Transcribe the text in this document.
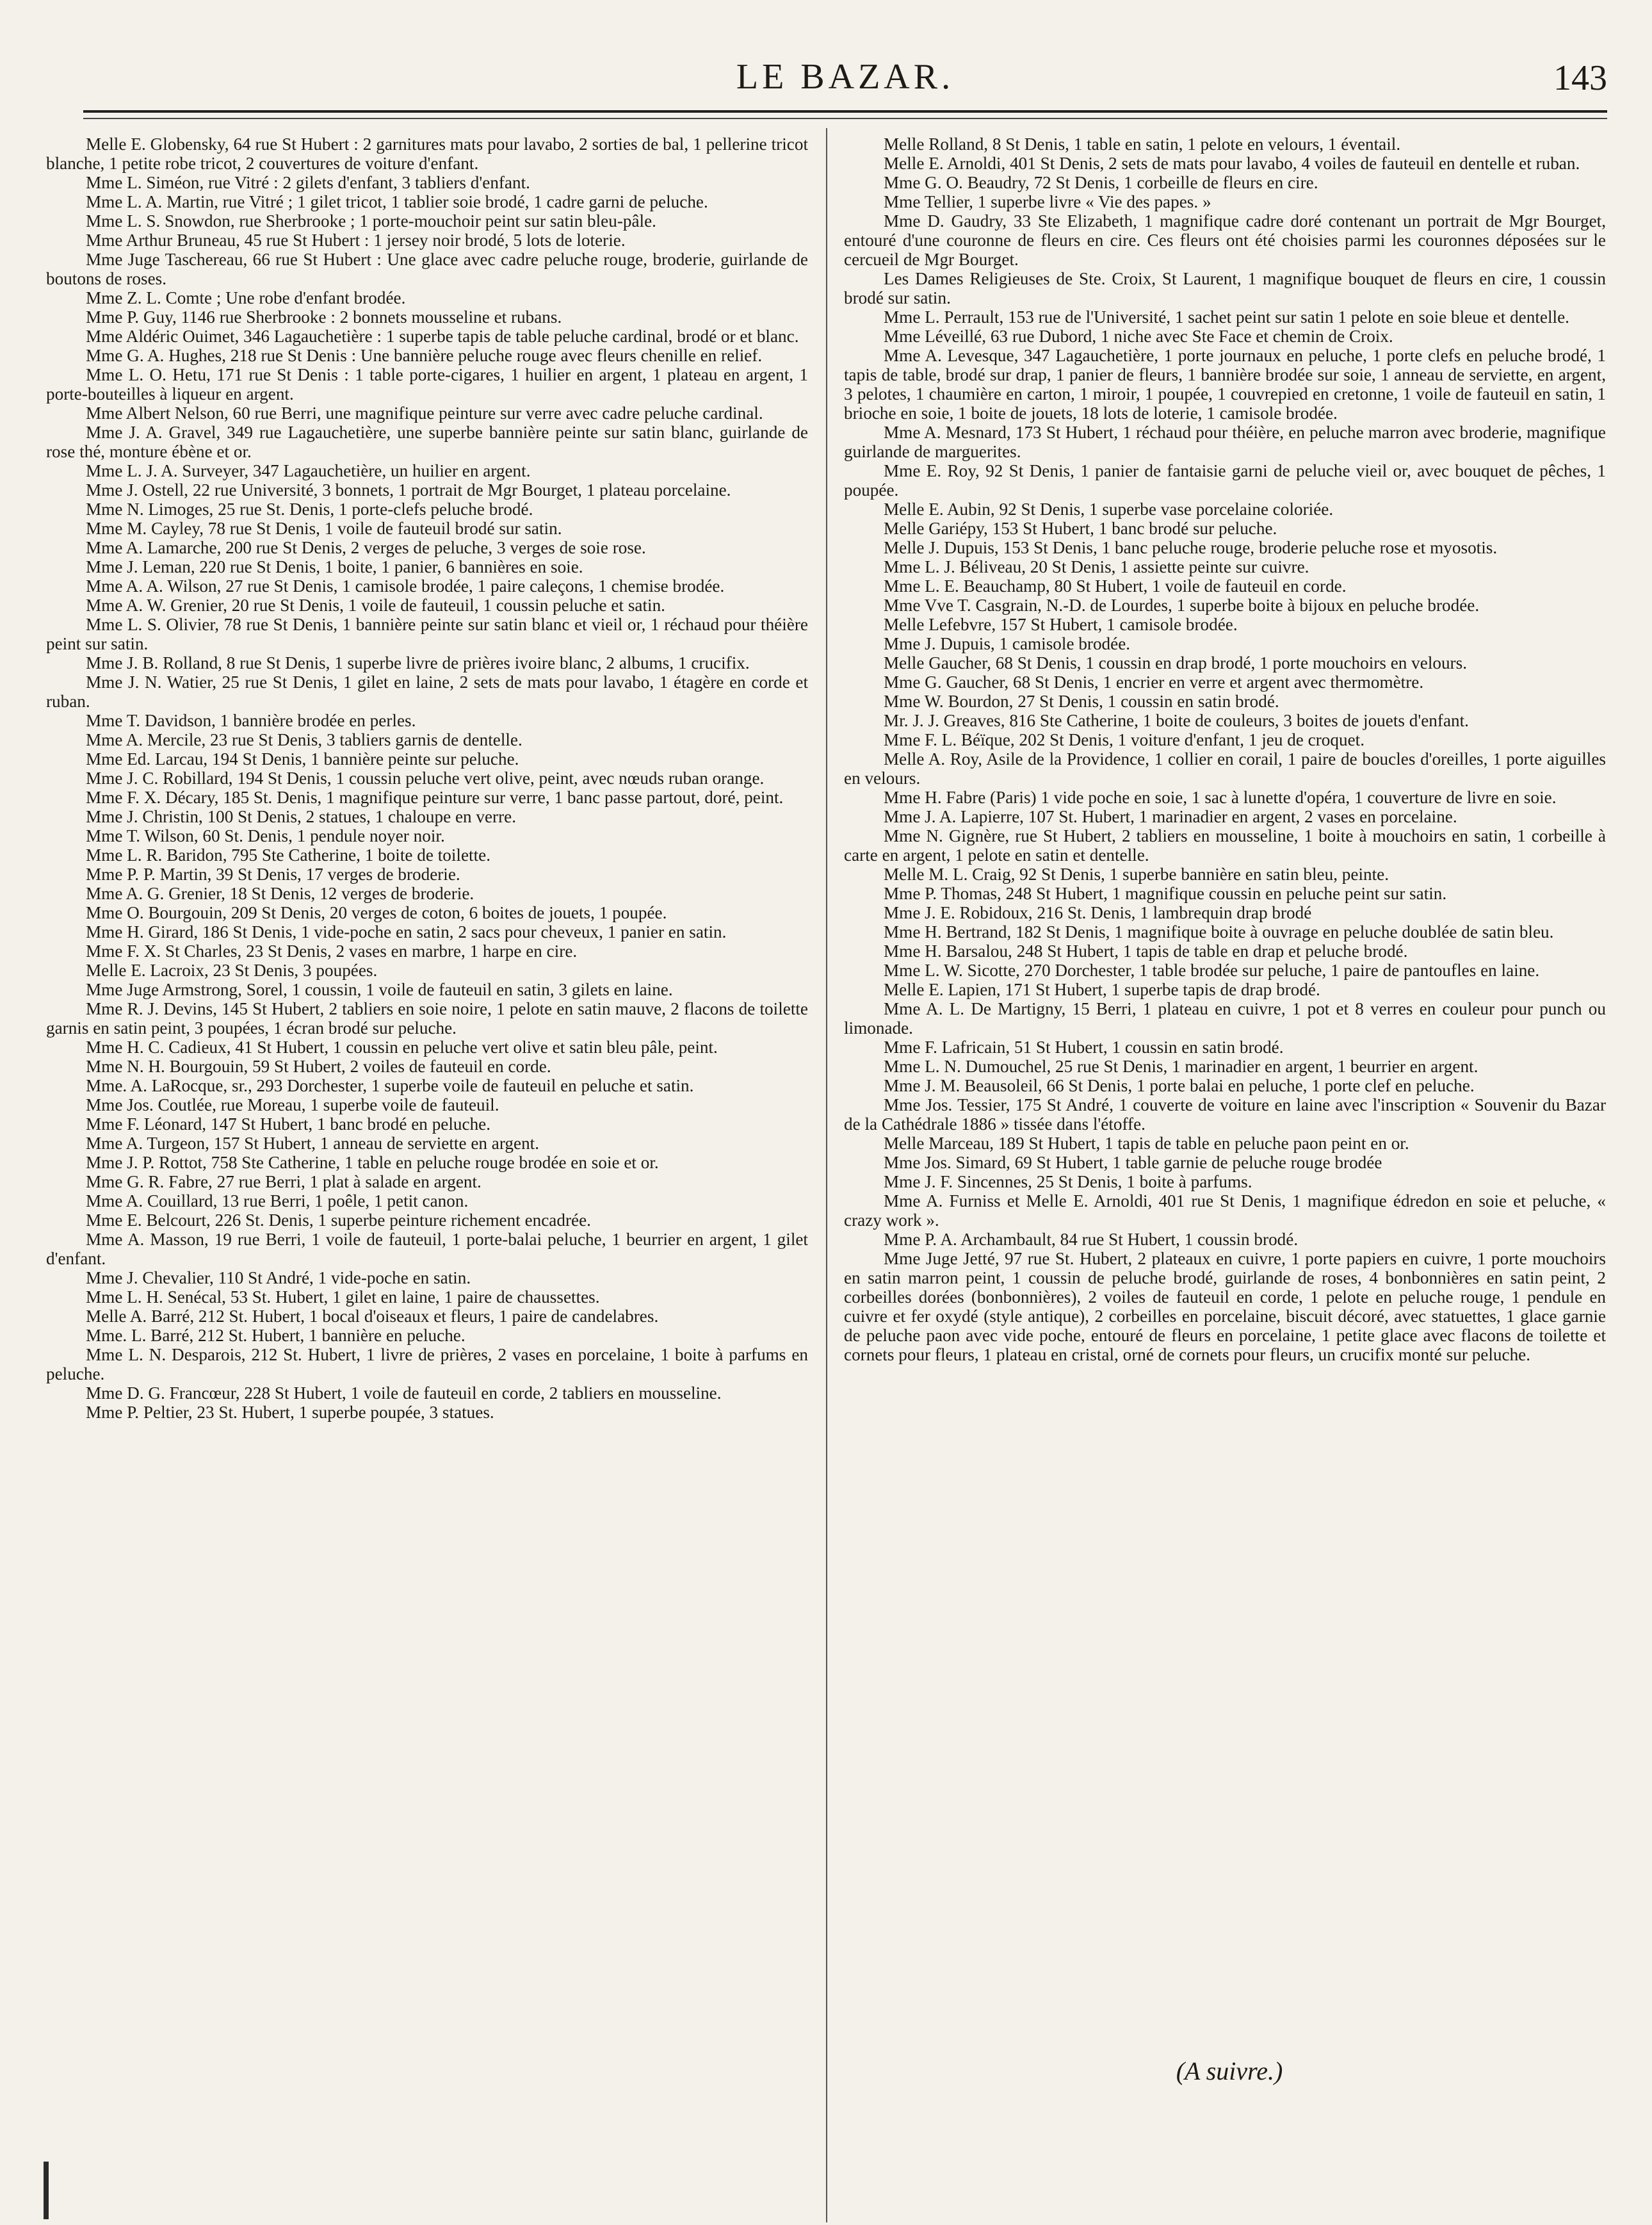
LE BAZAR.	143

Melle E. Globensky, 64 rue St Hubert : 2 garnitures mats pour lavabo, 2 sorties de bal, 1 pellerine tricot blanche, 1 petite robe tricot, 2 couvertures de voiture d'enfant.

Mme L. Siméon, rue Vitré : 2 gilets d'enfant, 3 tabliers d'enfant.

Mme L. A. Martin, rue Vitré ; 1 gilet tricot, 1 tablier soie brodé, 1 cadre garni de peluche.

Mme L. S. Snowdon, rue Sherbrooke ; 1 porte-mouchoir peint sur satin bleu-pâle.

Mme Arthur Bruneau, 45 rue St Hubert : 1 jersey noir brodé, 5 lots de loterie.

Mme Juge Taschereau, 66 rue St Hubert : Une glace avec cadre peluche rouge, broderie, guirlande de boutons de roses.

Mme Z. L. Comte ; Une robe d'enfant brodée.

Mme P. Guy, 1146 rue Sherbrooke : 2 bonnets mousseline et rubans.

Mme Aldéric Ouimet, 346 Lagauchetière : 1 superbe tapis de table peluche cardinal, brodé or et blanc.

Mme G. A. Hughes, 218 rue St Denis : Une bannière peluche rouge avec fleurs chenille en relief.

Mme L. O. Hetu, 171 rue St Denis : 1 table porte-cigares, 1 huilier en argent, 1 plateau en argent, 1 porte-bouteilles à liqueur en argent.

Mme Albert Nelson, 60 rue Berri, une magnifique peinture sur verre avec cadre peluche cardinal.

Mme J. A. Gravel, 349 rue Lagauchetière, une superbe bannière peinte sur satin blanc, guirlande de rose thé, monture ébène et or.

Mme L. J. A. Surveyer, 347 Lagauchetière, un huilier en argent.

Mme J. Ostell, 22 rue Université, 3 bonnets, 1 portrait de Mgr Bourget, 1 plateau porcelaine.

Mme N. Limoges, 25 rue St. Denis, 1 porte-clefs peluche brodé.

Mme M. Cayley, 78 rue St Denis, 1 voile de fauteuil brodé sur satin.

Mme A. Lamarche, 200 rue St Denis, 2 verges de peluche, 3 verges de soie rose.

Mme J. Leman, 220 rue St Denis, 1 boite, 1 panier, 6 bannières en soie.

Mme A. A. Wilson, 27 rue St Denis, 1 camisole brodée, 1 paire caleçons, 1 chemise brodée.

Mme A. W. Grenier, 20 rue St Denis, 1 voile de fauteuil, 1 coussin peluche et satin.

Mme L. S. Olivier, 78 rue St Denis, 1 bannière peinte sur satin blanc et vieil or, 1 réchaud pour théière peint sur satin.

Mme J. B. Rolland, 8 rue St Denis, 1 superbe livre de prières ivoire blanc, 2 albums, 1 crucifix.

Mme J. N. Watier, 25 rue St Denis, 1 gilet en laine, 2 sets de mats pour lavabo, 1 étagère en corde et ruban.

Mme T. Davidson, 1 bannière brodée en perles.

Mme A. Mercile, 23 rue St Denis, 3 tabliers garnis de dentelle.

Mme Ed. Larcau, 194 St Denis, 1 bannière peinte sur peluche.

Mme J. C. Robillard, 194 St Denis, 1 coussin peluche vert olive, peint, avec nœuds ruban orange.

Mme F. X. Décary, 185 St. Denis, 1 magnifique peinture sur verre, 1 banc passe partout, doré, peint.

Mme J. Christin, 100 St Denis, 2 statues, 1 chaloupe en verre.

Mme T. Wilson, 60 St. Denis, 1 pendule noyer noir.

Mme L. R. Baridon, 795 Ste Catherine, 1 boite de toilette.

Mme P. P. Martin, 39 St Denis, 17 verges de broderie.

Mme A. G. Grenier, 18 St Denis, 12 verges de broderie.

Mme O. Bourgouin, 209 St Denis, 20 verges de coton, 6 boites de jouets, 1 poupée.

Mme H. Girard, 186 St Denis, 1 vide-poche en satin, 2 sacs pour cheveux, 1 panier en satin.

Mme F. X. St Charles, 23 St Denis, 2 vases en marbre, 1 harpe en cire.

Melle E. Lacroix, 23 St Denis, 3 poupées.

Mme Juge Armstrong, Sorel, 1 coussin, 1 voile de fauteuil en satin, 3 gilets en laine.

Mme R. J. Devins, 145 St Hubert, 2 tabliers en soie noire, 1 pelote en satin mauve, 2 flacons de toilette garnis en satin peint, 3 poupées, 1 écran brodé sur peluche.

Mme H. C. Cadieux, 41 St Hubert, 1 coussin en peluche vert olive et satin bleu pâle, peint.

Mme N. H. Bourgouin, 59 St Hubert, 2 voiles de fauteuil en corde.

Mme. A. LaRocque, sr., 293 Dorchester, 1 superbe voile de fauteuil en peluche et satin.

Mme Jos. Coutlée, rue Moreau, 1 superbe voile de fauteuil.

Mme F. Léonard, 147 St Hubert, 1 banc brodé en peluche.

Mme A. Turgeon, 157 St Hubert, 1 anneau de serviette en argent.

Mme J. P. Rottot, 758 Ste Catherine, 1 table en peluche rouge brodée en soie et or.

Mme G. R. Fabre, 27 rue Berri, 1 plat à salade en argent.

Mme A. Couillard, 13 rue Berri, 1 poêle, 1 petit canon.

Mme E. Belcourt, 226 St. Denis, 1 superbe peinture richement encadrée.

Mme A. Masson, 19 rue Berri, 1 voile de fauteuil, 1 porte-balai peluche, 1 beurrier en argent, 1 gilet d'enfant.

Mme J. Chevalier, 110 St André, 1 vide-poche en satin.

Mme L. H. Senécal, 53 St. Hubert, 1 gilet en laine, 1 paire de chaussettes.

Melle A. Barré, 212 St. Hubert, 1 bocal d'oiseaux et fleurs, 1 paire de candelabres.

Mme. L. Barré, 212 St. Hubert, 1 bannière en peluche.

Mme L. N. Desparois, 212 St. Hubert, 1 livre de prières, 2 vases en porcelaine, 1 boite à parfums en peluche.

Mme D. G. Francœur, 228 St Hubert, 1 voile de fauteuil en corde, 2 tabliers en mousseline.

Mme P. Peltier, 23 St. Hubert, 1 superbe poupée, 3 statues.

Melle Rolland, 8 St Denis, 1 table en satin, 1 pelote en velours, 1 éventail.

Melle E. Arnoldi, 401 St Denis, 2 sets de mats pour lavabo, 4 voiles de fauteuil en dentelle et ruban.

Mme G. O. Beaudry, 72 St Denis, 1 corbeille de fleurs en cire.

Mme Tellier, 1 superbe livre « Vie des papes. »

Mme D. Gaudry, 33 Ste Elizabeth, 1 magnifique cadre doré contenant un portrait de Mgr Bourget, entouré d'une couronne de fleurs en cire. Ces fleurs ont été choisies parmi les couronnes déposées sur le cercueil de Mgr Bourget.

Les Dames Religieuses de Ste. Croix, St Laurent, 1 magnifique bouquet de fleurs en cire, 1 coussin brodé sur satin.

Mme L. Perrault, 153 rue de l'Université, 1 sachet peint sur satin 1 pelote en soie bleue et dentelle.

Mme Léveillé, 63 rue Dubord, 1 niche avec Ste Face et chemin de Croix.

Mme A. Levesque, 347 Lagauchetière, 1 porte journaux en peluche, 1 porte clefs en peluche brodé, 1 tapis de table, brodé sur drap, 1 panier de fleurs, 1 bannière brodée sur soie, 1 anneau de serviette, en argent, 3 pelotes, 1 chaumière en carton, 1 miroir, 1 poupée, 1 couvrepied en cretonne, 1 voile de fauteuil en satin, 1 brioche en soie, 1 boite de jouets, 18 lots de loterie, 1 camisole brodée.

Mme A. Mesnard, 173 St Hubert, 1 réchaud pour théière, en peluche marron avec broderie, magnifique guirlande de marguerites.

Mme E. Roy, 92 St Denis, 1 panier de fantaisie garni de peluche vieil or, avec bouquet de pêches, 1 poupée.

Melle E. Aubin, 92 St Denis, 1 superbe vase porcelaine coloriée.

Melle Gariépy, 153 St Hubert, 1 banc brodé sur peluche.

Melle J. Dupuis, 153 St Denis, 1 banc peluche rouge, broderie peluche rose et myosotis.

Mme L. J. Béliveau, 20 St Denis, 1 assiette peinte sur cuivre.

Mme L. E. Beauchamp, 80 St Hubert, 1 voile de fauteuil en corde.

Mme Vve T. Casgrain, N.-D. de Lourdes, 1 superbe boite à bijoux en peluche brodée.

Melle Lefebvre, 157 St Hubert, 1 camisole brodée.

Mme J. Dupuis, 1 camisole brodée.

Melle Gaucher, 68 St Denis, 1 coussin en drap brodé, 1 porte mouchoirs en velours.

Mme G. Gaucher, 68 St Denis, 1 encrier en verre et argent avec thermomètre.

Mme W. Bourdon, 27 St Denis, 1 coussin en satin brodé.

Mr. J. J. Greaves, 816 Ste Catherine, 1 boite de couleurs, 3 boites de jouets d'enfant.

Mme F. L. Béïque, 202 St Denis, 1 voiture d'enfant, 1 jeu de croquet.

Melle A. Roy, Asile de la Providence, 1 collier en corail, 1 paire de boucles d'oreilles, 1 porte aiguilles en velours.

Mme H. Fabre (Paris) 1 vide poche en soie, 1 sac à lunette d'opéra, 1 couverture de livre en soie.

Mme J. A. Lapierre, 107 St. Hubert, 1 marinadier en argent, 2 vases en porcelaine.

Mme N. Gignère, rue St Hubert, 2 tabliers en mousseline, 1 boite à mouchoirs en satin, 1 corbeille à carte en argent, 1 pelote en satin et dentelle.

Melle M. L. Craig, 92 St Denis, 1 superbe bannière en satin bleu, peinte.

Mme P. Thomas, 248 St Hubert, 1 magnifique coussin en peluche peint sur satin.

Mme J. E. Robidoux, 216 St. Denis, 1 lambrequin drap brodé

Mme H. Bertrand, 182 St Denis, 1 magnifique boite à ouvrage en peluche doublée de satin bleu.

Mme H. Barsalou, 248 St Hubert, 1 tapis de table en drap et peluche brodé.

Mme L. W. Sicotte, 270 Dorchester, 1 table brodée sur peluche, 1 paire de pantoufles en laine.

Melle E. Lapien, 171 St Hubert, 1 superbe tapis de drap brodé.

Mme A. L. De Martigny, 15 Berri, 1 plateau en cuivre, 1 pot et 8 verres en couleur pour punch ou limonade.

Mme F. Lafricain, 51 St Hubert, 1 coussin en satin brodé.

Mme L. N. Dumouchel, 25 rue St Denis, 1 marinadier en argent, 1 beurrier en argent.

Mme J. M. Beausoleil, 66 St Denis, 1 porte balai en peluche, 1 porte clef en peluche.

Mme Jos. Tessier, 175 St André, 1 couverte de voiture en laine avec l'inscription « Souvenir du Bazar de la Cathédrale 1886 » tissée dans l'étoffe.

Melle Marceau, 189 St Hubert, 1 tapis de table en peluche paon peint en or.

Mme Jos. Simard, 69 St Hubert, 1 table garnie de peluche rouge brodée

Mme J. F. Sincennes, 25 St Denis, 1 boite à parfums.

Mme A. Furniss et Melle E. Arnoldi, 401 rue St Denis, 1 magnifique édredon en soie et peluche, « crazy work ».

Mme P. A. Archambault, 84 rue St Hubert, 1 coussin brodé.

Mme Juge Jetté, 97 rue St. Hubert, 2 plateaux en cuivre, 1 porte papiers en cuivre, 1 porte mouchoirs en satin marron peint, 1 coussin de peluche brodé, guirlande de roses, 4 bonbonnières en satin peint, 2 corbeilles dorées (bonbonnières), 2 voiles de fauteuil en corde, 1 pelote en peluche rouge, 1 pendule en cuivre et fer oxydé (style antique), 2 corbeilles en porcelaine, biscuit décoré, avec statuettes, 1 glace garnie de peluche paon avec vide poche, entouré de fleurs en porcelaine, 1 petite glace avec flacons de toilette et cornets pour fleurs, 1 plateau en cristal, orné de cornets pour fleurs, un crucifix monté sur peluche.

(A suivre.)
